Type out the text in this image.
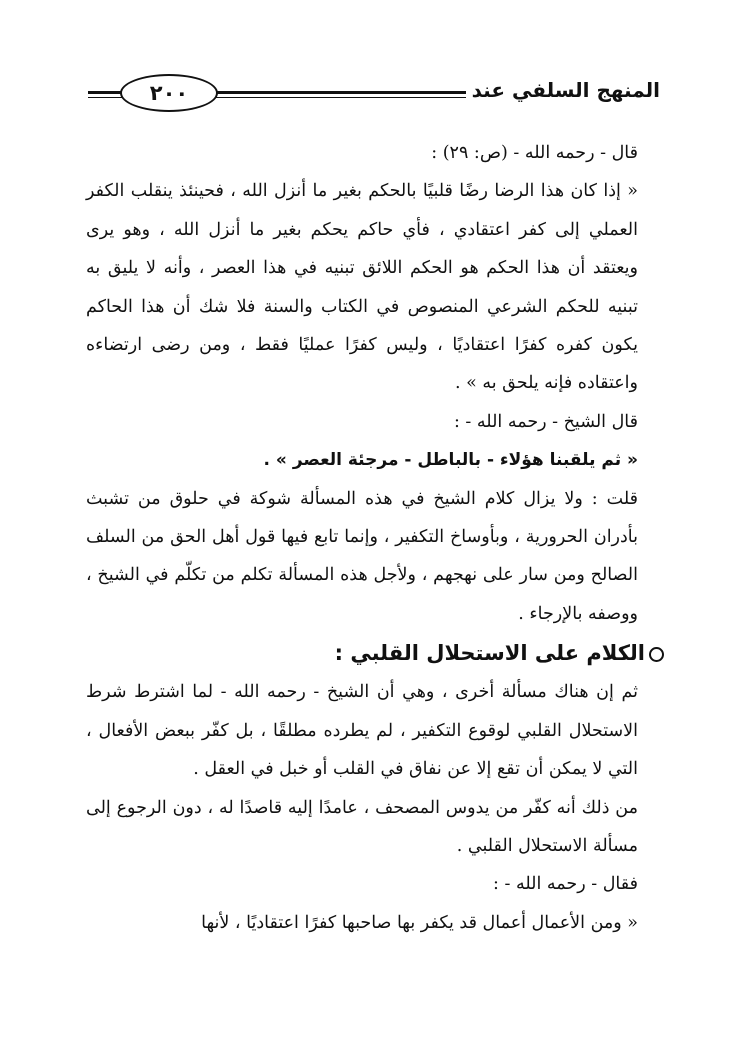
٢٠٠	المنهج السلفي عند

قال - رحمه الله - (ص: ٢٩) :

« إذا كان هذا الرضا رضًا قلبيًا بالحكم بغير ما أنزل الله ، فحينئذ ينقلب الكفر العملي إلى كفر اعتقادي ، فأي حاكم يحكم بغير ما أنزل الله ، وهو يرى ويعتقد أن هذا الحكم هو الحكم اللائق تبنيه في هذا العصر ، وأنه لا يليق به تبنيه للحكم الشرعي المنصوص في الكتاب والسنة فلا شك أن هذا الحاكم يكون كفره كفرًا اعتقاديًا ، وليس كفرًا عمليًا فقط ، ومن رضى ارتضاءه واعتقاده فإنه يلحق به » .

قال الشيخ - رحمه الله - :

« ثم يلقبنا هؤلاء - بالباطل - مرجئة العصر » .

قلت : ولا يزال كلام الشيخ في هذه المسألة شوكة في حلوق من تشبث بأدران الحرورية ، وبأوساخ التكفير ، وإنما تابع فيها قول أهل الحق من السلف الصالح ومن سار على نهجهم ، ولأجل هذه المسألة تكلم من تكلّم في الشيخ ، ووصفه بالإرجاء .

الكلام على الاستحلال القلبي :

ثم إن هناك مسألة أخرى ، وهي أن الشيخ - رحمه الله - لما اشترط شرط الاستحلال القلبي لوقوع التكفير ، لم يطرده مطلقًا ، بل كفّر ببعض الأفعال ، التي لا يمكن أن تقع إلا عن نفاق في القلب أو خبل في العقل .

من ذلك أنه كفّر من يدوس المصحف ، عامدًا إليه قاصدًا له ، دون الرجوع إلى مسألة الاستحلال القلبي .

فقال - رحمه الله - :

« ومن الأعمال أعمال قد يكفر بها صاحبها كفرًا اعتقاديًا ، لأنها
